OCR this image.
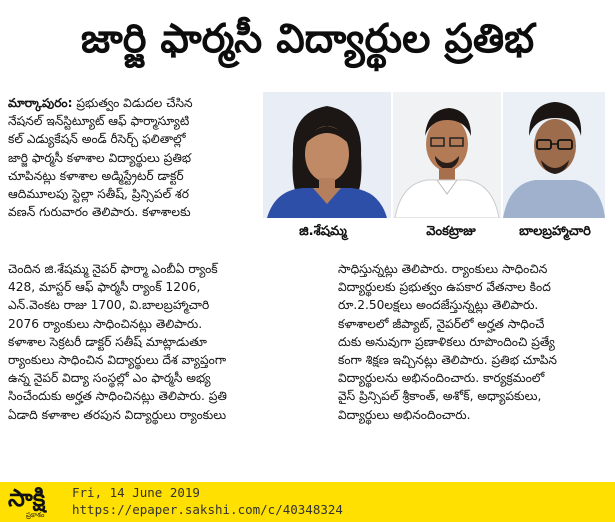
జార్జి ఫార్మసీ విద్యార్థుల ప్రతిభ
మార్కాపురం: ప్రభుత్వం విడుదల చేసిన
నేషనల్ ఇన్‌స్టిట్యూట్ ఆఫ్ ఫార్మాస్యూటి
కల్ ఎడ్యుకేషన్ అండ్ రీసెర్చ్ ఫలితాల్లో
జార్జి ఫార్మసీ కళాశాల విద్యార్థులు ప్రతిభ
చూపినట్లు కళాశాల అడ్మిస్ట్రేటర్ డాక్టర్
ఆదిమూలపు స్టెల్లా సతీష్, ప్రిన్సిపల్ శర
వణన్ గురువారం తెలిపారు. కళాశాలకు
జి.శేషమ్మ	వెంకట్రాజు	బాలబ్రహ్మాచారి
చెందిన జి.శేషమ్మ నైపర్ ఫార్మా ఎంబీఏ ర్యాంక్
428, మాస్టర్ ఆఫ్ ఫార్మసీ ర్యాంక్ 1206,
ఎన్.వెంకట రాజు 1700, వి.బాలబ్రహ్మాచారి
2076 ర్యాంకులు సాధించినట్లు తెలిపారు.
కళాశాల సెక్రటరీ డాక్టర్ సతీష్ మాట్లాడుతూ
ర్యాంకులు సాధించిన విద్యార్థులు దేశ వ్యాప్తంగా
ఉన్న నైపర్ విద్యా సంస్థల్లో ఎం ఫార్మసీ అభ్య
సించేందుకు అర్హత సాధించినట్లు తెలిపారు. ప్రతి
ఏడాది కళాశాల తరపున విద్యార్థులు ర్యాంకులు
సాధిస్తున్నట్లు తెలిపారు. ర్యాంకులు సాధించిన
విద్యార్థులకు ప్రభుత్వం ఉపకార వేతనాల కింద
రూ.2.50లక్షలు అందజేస్తున్నట్లు తెలిపారు.
కళాశాలలో జీప్యాట్, నైపర్‌లో అర్హత సాధించే
దుకు అనువుగా ప్రణాళికలు రూపొందించి ప్రత్యే
కంగా శిక్షణ ఇచ్చినట్లు తెలిపారు. ప్రతిభ చూపిన
విద్యార్థులను అభినందించారు. కార్యక్రమంలో
వైస్ ప్రిన్సిపల్ శ్రీకాంత్, అశోక్, అధ్యాపకులు,
విద్యార్థులు అభినందించారు.
సాక్షి
ప్రకాశం
Fri, 14 June 2019
https://epaper.sakshi.com/c/40348324
